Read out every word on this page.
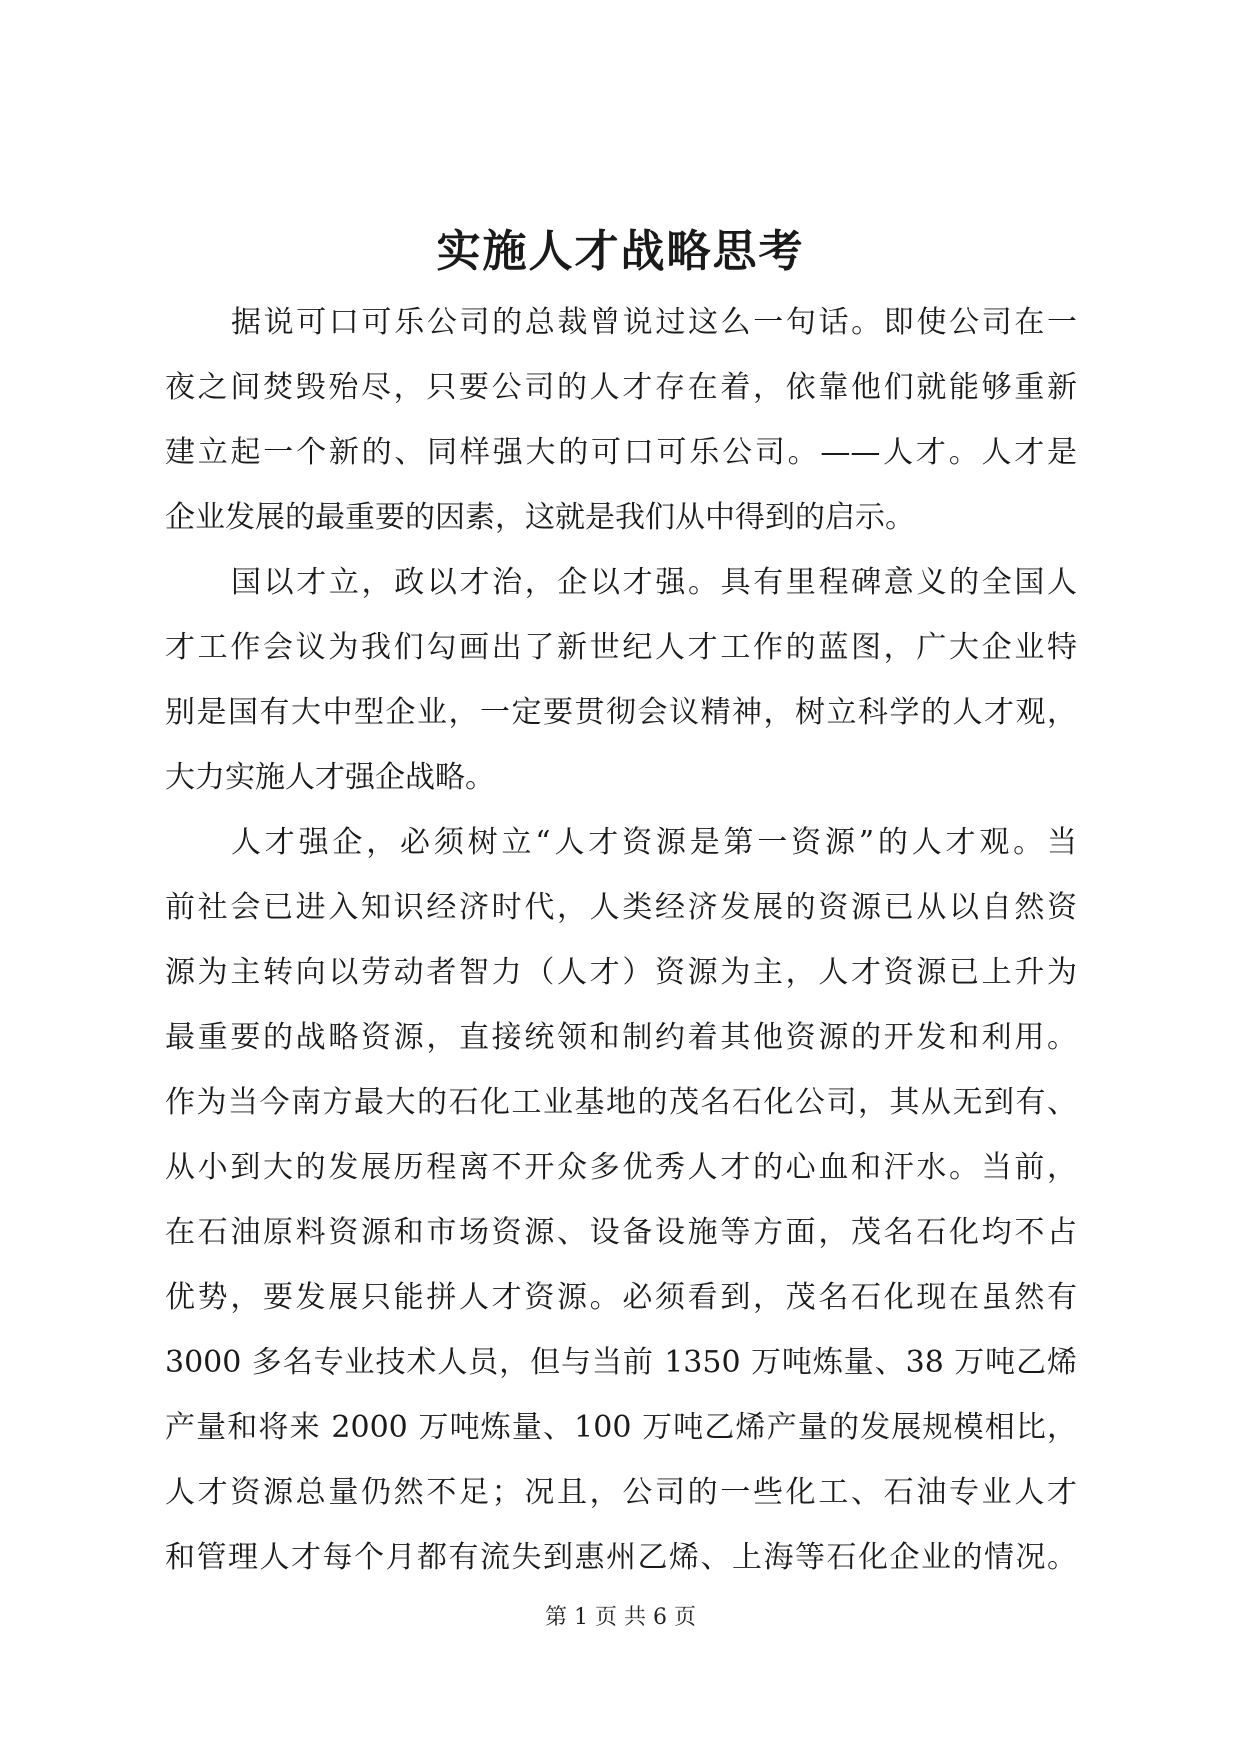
实施人才战略思考
据说可口可乐公司的总裁曾说过这么一句话。即使公司在一
夜之间焚毁殆尽，只要公司的人才存在着，依靠他们就能够重新
建立起一个新的、同样强大的可口可乐公司。——人才。人才是
企业发展的最重要的因素，这就是我们从中得到的启示。
国以才立，政以才治，企以才强。具有里程碑意义的全国人
才工作会议为我们勾画出了新世纪人才工作的蓝图，广大企业特
别是国有大中型企业，一定要贯彻会议精神，树立科学的人才观，
大力实施人才强企战略。
人才强企，必须树立“人才资源是第一资源”的人才观。当
前社会已进入知识经济时代，人类经济发展的资源已从以自然资
源为主转向以劳动者智力（人才）资源为主，人才资源已上升为
最重要的战略资源，直接统领和制约着其他资源的开发和利用。
作为当今南方最大的石化工业基地的茂名石化公司，其从无到有、
从小到大的发展历程离不开众多优秀人才的心血和汗水。当前，
在石油原料资源和市场资源、设备设施等方面，茂名石化均不占
优势，要发展只能拼人才资源。必须看到，茂名石化现在虽然有
3000 多名专业技术人员，但与当前 1350 万吨炼量、38 万吨乙烯
产量和将来 2000 万吨炼量、100 万吨乙烯产量的发展规模相比，
人才资源总量仍然不足；况且，公司的一些化工、石油专业人才
和管理人才每个月都有流失到惠州乙烯、上海等石化企业的情况。
第 1 页 共 6 页
